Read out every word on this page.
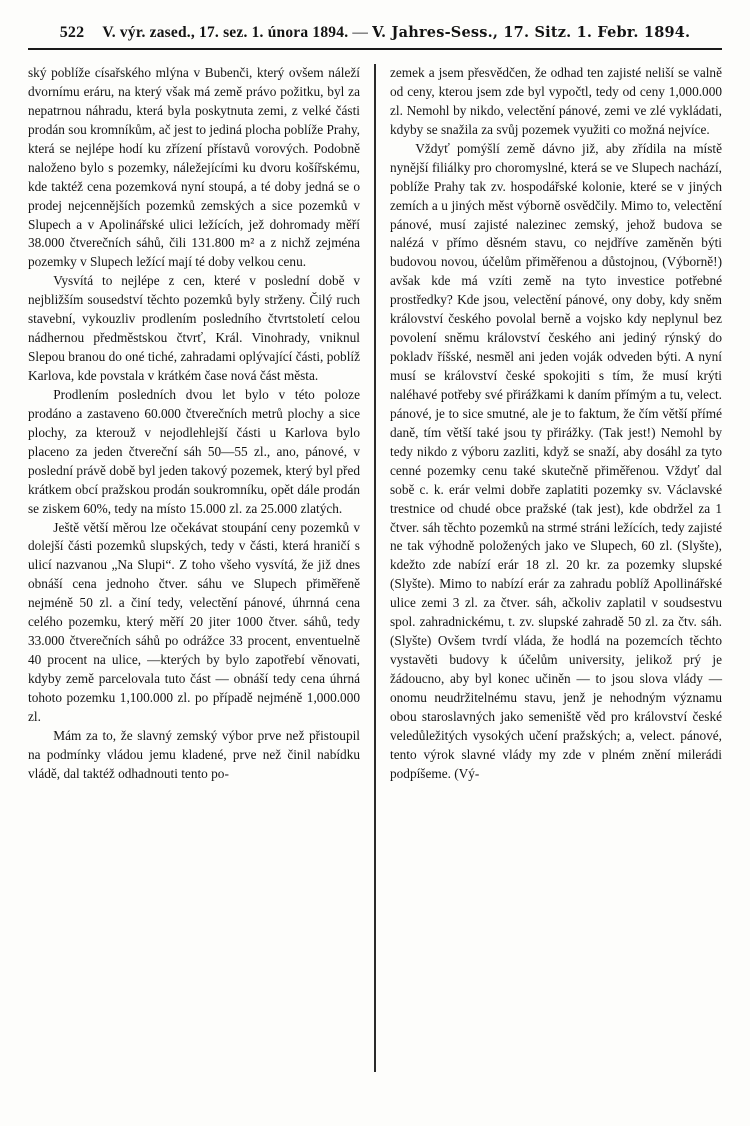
522 V. výr. zased., 17. sez. 1. února 1894. — V. Jahres-Sess., 17. Sitz. 1. Febr. 1894.

ský poblíže císařského mlýna v Bubenči, který ovšem náleží dvornímu eráru, na který však má země právo požitku, byl za nepatrnou náhradu, která byla poskytnuta zemi, z velké části prodán sou kromníkům, ač jest to jediná plocha poblíže Prahy, která se nejlépe hodí ku zřízení přístavů vorových. Podobně naloženo bylo s pozemky, náležejícími ku dvoru košířskému, kde taktéž cena pozemková nyní stoupá, a té doby jedná se o prodej nejcennějších pozemků zemských a sice pozemků v Slupech a v Apolinářské ulici ležících, jež dohromady měří 38.000 čtverečních sáhů, čili 131.800 m² a z nichž zejména pozemky v Slupech ležící mají té doby velkou cenu.

Vysvítá to nejlépe z cen, které v poslední době v nejbližším sousedství těchto pozemků byly strženy. Čilý ruch stavební, vykouzliv prodlením posledního čtvrtstoletí celou nádhernou předměstskou čtvrť, Král. Vinohrady, vniknul Slepou branou do oné tiché, zahradami oplývající části, poblíž Karlova, kde povstala v krátkém čase nová část města.

Prodlením posledních dvou let bylo v této poloze prodáno a zastaveno 60.000 čtverečních metrů plochy a sice plochy, za kterouž v nejodlehlejší části u Karlova bylo placeno za jeden čtvereční sáh 50—55 zl., ano, pánové, v poslední právě době byl jeden takový pozemek, který byl před krátkem obcí pražskou prodán soukromníku, opět dále prodán se ziskem 60%, tedy na místo 15.000 zl. za 25.000 zlatých.

Ještě větší měrou lze očekávat stoupání ceny pozemků v dolejší části pozemků slupských, tedy v části, která hraničí s ulicí nazvanou „Na Slupi“. Z toho všeho vysvítá, že již dnes obnáší cena jednoho čtver. sáhu ve Slupech přiměřeně nejméně 50 zl. a činí tedy, velectění pánové, úhrnná cena celého pozemku, který měří 20 jiter 1000 čtver. sáhů, tedy 33.000 čtverečních sáhů po odrážce 33 procent, enventuelně 40 procent na ulice, —kterých by bylo zapotřebí věnovati, kdyby země parcelovala tuto část — obnáší tedy cena úhrná tohoto pozemku 1,100.000 zl. po případě nejméně 1,000.000 zl.

Mám za to, že slavný zemský výbor prve než přistoupil na podmínky vládou jemu kladené, prve než činil nabídku vládě, dal taktéž odhadnouti tento po-

zemek a jsem přesvědčen, že odhad ten zajisté neliší se valně od ceny, kterou jsem zde byl vypočtl, tedy od ceny 1,000.000 zl. Nemohl by nikdo, velectění pánové, zemi ve zlé vykládati, kdyby se snažila za svůj pozemek využiti co možná nejvíce.

Vždyť pomýšlí země dávno již, aby zřídila na místě nynější filiálky pro choromyslné, která se ve Slupech nachází, poblíže Prahy tak zv. hospodářské kolonie, které se v jiných zemích a u jiných měst výborně osvědčily. Mimo to, velectění pánové, musí zajisté nalezinec zemský, jehož budova se nalézá v přímo děsném stavu, co nejdříve zaměněn býti budovou novou, účelům přiměřenou a důstojnou, (Výborně!) avšak kde má vzíti země na tyto investice potřebné prostředky? Kde jsou, velectění pánové, ony doby, kdy sněm království českého povolal berně a vojsko kdy neplynul bez povolení sněmu království českého ani jediný rýnský do pokladv říšské, nesměl ani jeden voják odveden býti. A nyní musí se království české spokojiti s tím, že musí krýti naléhavé potřeby své přirážkami k daním přímým a tu, velect. pánové, je to sice smutné, ale je to faktum, že čím větší přímé daně, tím větší také jsou ty přirážky. (Tak jest!) Nemohl by tedy nikdo z výboru zazliti, když se snaží, aby dosáhl za tyto cenné pozemky cenu také skutečně přiměřenou. Vždyť dal sobě c. k. erár velmi dobře zaplatiti pozemky sv. Václavské trestnice od chudé obce pražské (tak jest), kde obdržel za 1 čtver. sáh těchto pozemků na strmé stráni ležících, tedy zajisté ne tak výhodně položených jako ve Slupech, 60 zl. (Slyšte), kdežto zde nabízí erár 18 zl. 20 kr. za pozemky slupské (Slyšte). Mimo to nabízí erár za zahradu poblíž Apollinářské ulice zemi 3 zl. za čtver. sáh, ačkoliv zaplatil v soudsestvu spol. zahradnickému, t. zv. slupské zahradě 50 zl. za čtv. sáh. (Slyšte) Ovšem tvrdí vláda, že hodlá na pozemcích těchto vystavěti budovy k účelům university, jelikož prý je žádoucno, aby byl konec učiněn — to jsou slova vlády — onomu neudržitelnému stavu, jenž je nehodným významu obou staroslavných jako semeniště věd pro království české veledůležitých vysokých učení pražských; a, velect. pánové, tento výrok slavné vlády my zde v plném znění milerádi podpíšeme. (Vý-
